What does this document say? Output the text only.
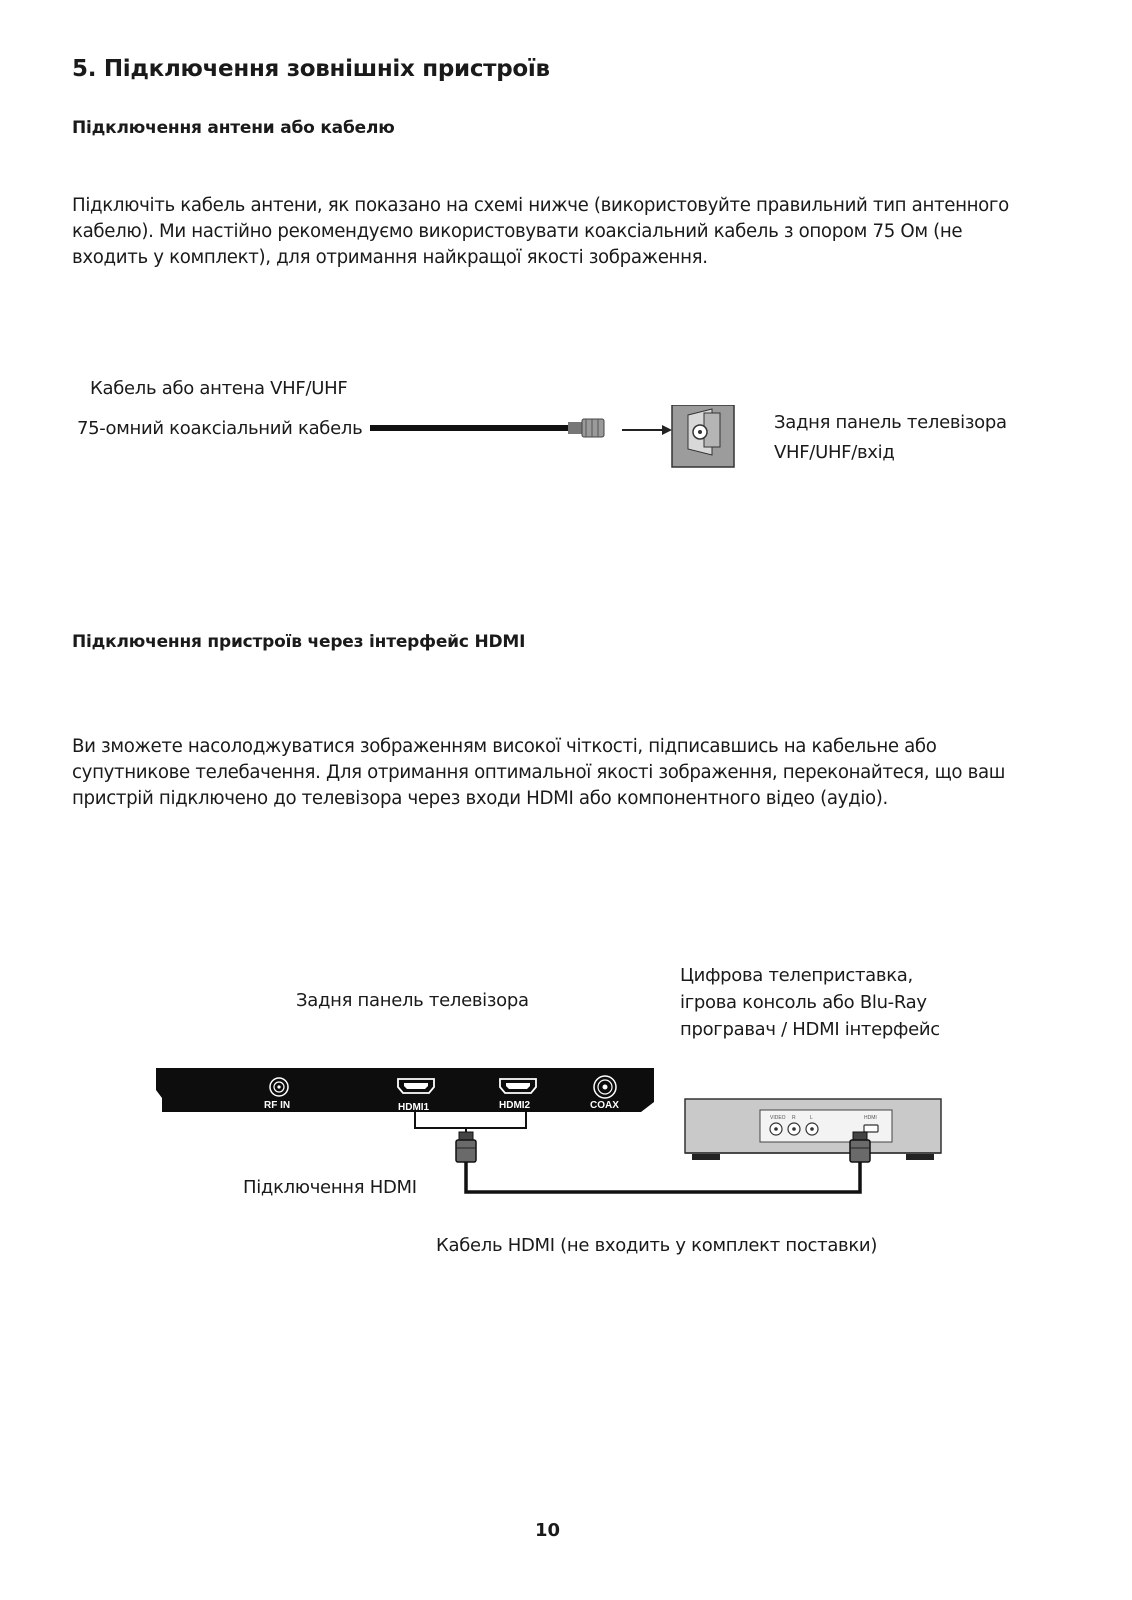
5. Підключення зовнішніх пристроїв
Підключення антени або кабелю
Підключіть кабель антени, як показано на схемі нижче (використовуйте правильний тип антенного
кабелю). Ми настійно рекомендуємо використовувати коаксіальний кабель з опором 75 Ом (не
входить у комплект), для отримання найкращої якості зображення.
Кабель або антена VHF/UHF
75-омний коаксіальний кабель	Задня панель телевізора
VHF/UHF/вхід
Підключення пристроїв через інтерфейс HDMI
Ви зможете насолоджуватися зображенням високої чіткості, підписавшись на кабельне або
супутникове телебачення. Для отримання оптимальної якості зображення, переконайтеся, що ваш
пристрій підключено до телевізора через входи HDMI або компонентного відео (аудіо).
Задня панель телевізора
Цифрова телеприставка,
ігрова консоль або Blu-Ray
програвач / HDMI інтерфейс
Підключення HDMI
Кабель HDMI (не входить у комплект поставки)
RF IN	HDMI1	HDMI2	COAX
VIDEO R	L	HDMI
10
